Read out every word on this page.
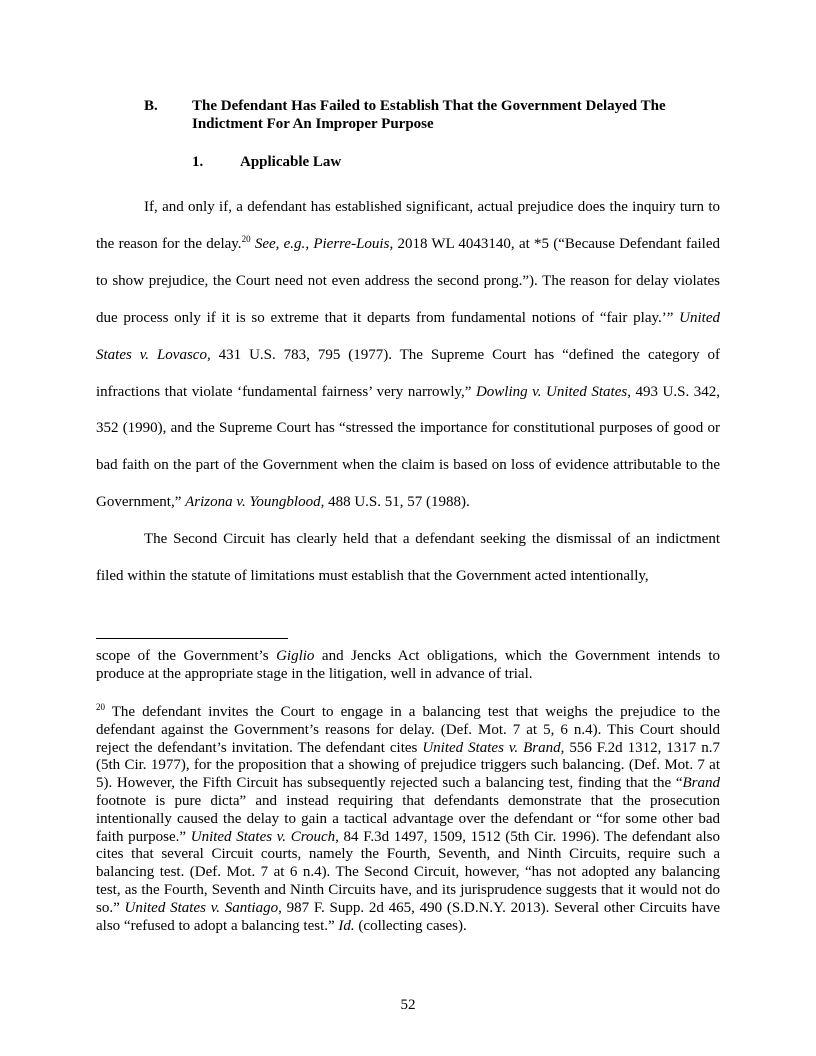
B. The Defendant Has Failed to Establish That the Government Delayed The Indictment For An Improper Purpose
1. Applicable Law

If, and only if, a defendant has established significant, actual prejudice does the inquiry turn to the reason for the delay.$^{20}$ See, e.g., Pierre-Louis, 2018 WL 4043140, at *5 (“Because Defendant failed to show prejudice, the Court need not even address the second prong.”). The reason for delay violates due process only if it is so extreme that it departs from fundamental notions of “fair play.’” United States v. Lovasco, 431 U.S. 783, 795 (1977). The Supreme Court has “defined the category of infractions that violate ‘fundamental fairness’ very narrowly,” Dowling v. United States, 493 U.S. 342, 352 (1990), and the Supreme Court has “stressed the importance for constitutional purposes of good or bad faith on the part of the Government when the claim is based on loss of evidence attributable to the Government,” Arizona v. Youngblood, 488 U.S. 51, 57 (1988).

The Second Circuit has clearly held that a defendant seeking the dismissal of an indictment filed within the statute of limitations must establish that the Government acted intentionally,

scope of the Government’s Giglio and Jencks Act obligations, which the Government intends to produce at the appropriate stage in the litigation, well in advance of trial.
$^{20}$ The defendant invites the Court to engage in a balancing test that weighs the prejudice to the defendant against the Government’s reasons for delay. (Def. Mot. 7 at 5, 6 n.4). This Court should reject the defendant’s invitation. The defendant cites United States v. Brand, 556 F.2d 1312, 1317 n.7 (5th Cir. 1977), for the proposition that a showing of prejudice triggers such balancing. (Def. Mot. 7 at 5). However, the Fifth Circuit has subsequently rejected such a balancing test, finding that the “Brand footnote is pure dicta” and instead requiring that defendants demonstrate that the prosecution intentionally caused the delay to gain a tactical advantage over the defendant or “for some other bad faith purpose.” United States v. Crouch, 84 F.3d 1497, 1509, 1512 (5th Cir. 1996). The defendant also cites that several Circuit courts, namely the Fourth, Seventh, and Ninth Circuits, require such a balancing test. (Def. Mot. 7 at 6 n.4). The Second Circuit, however, “has not adopted any balancing test, as the Fourth, Seventh and Ninth Circuits have, and its jurisprudence suggests that it would not do so.” United States v. Santiago, 987 F. Supp. 2d 465, 490 (S.D.N.Y. 2013). Several other Circuits have also “refused to adopt a balancing test.” Id. (collecting cases).
52
